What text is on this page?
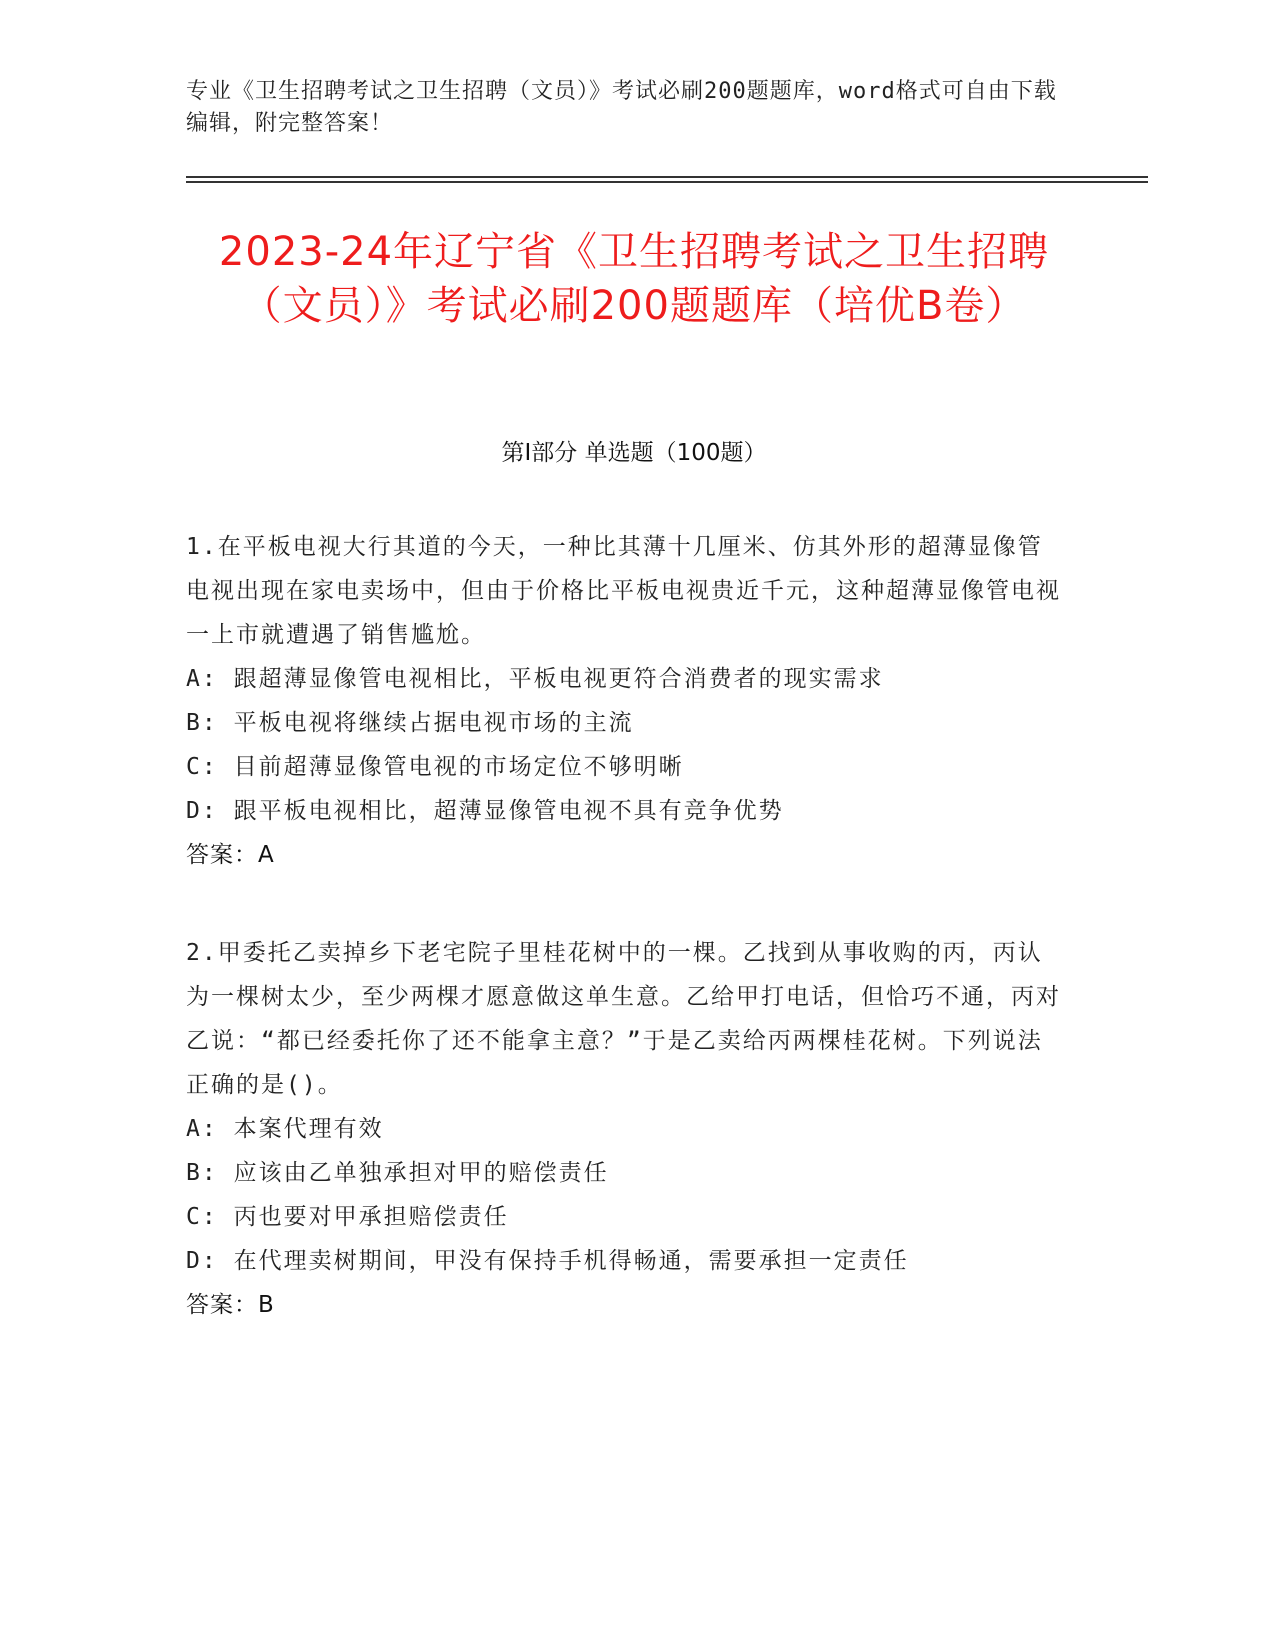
专业《卫生招聘考试之卫生招聘（文员）》考试必刷200题题库，word格式可自由下载编辑，附完整答案！
2023-24年辽宁省《卫生招聘考试之卫生招聘（文员）》考试必刷200题题库（培优B卷）
第Ⅰ部分 单选题（100题）

1.在平板电视大行其道的今天，一种比其薄十几厘米、仿其外形的超薄显像管电视出现在家电卖场中，但由于价格比平板电视贵近千元，这种超薄显像管电视一上市就遭遇了销售尴尬。

A: 跟超薄显像管电视相比，平板电视更符合消费者的现实需求

B: 平板电视将继续占据电视市场的主流

C: 目前超薄显像管电视的市场定位不够明晰

D: 跟平板电视相比，超薄显像管电视不具有竞争优势

答案：A

2.甲委托乙卖掉乡下老宅院子里桂花树中的一棵。乙找到从事收购的丙，丙认为一棵树太少，至少两棵才愿意做这单生意。乙给甲打电话，但恰巧不通，丙对乙说：“都已经委托你了还不能拿主意？”于是乙卖给丙两棵桂花树。下列说法正确的是()。

A: 本案代理有效

B: 应该由乙单独承担对甲的赔偿责任

C: 丙也要对甲承担赔偿责任

D: 在代理卖树期间，甲没有保持手机得畅通，需要承担一定责任

答案：B
